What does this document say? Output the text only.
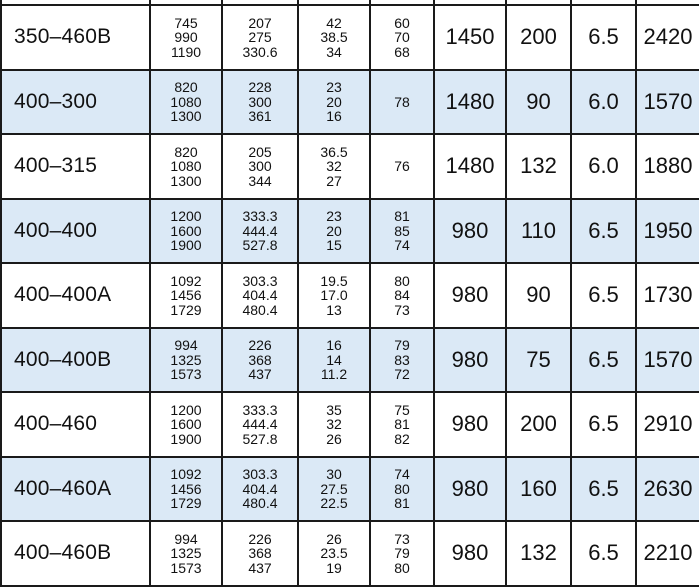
350–460B	745
990
1190	207
275
330.6	42
38.5
34	60
70
68	1450	200	6.5	2420
400–300	820
1080
1300	228
300
361	23
20
16	78	1480	90	6.0	1570
400–315	820
1080
1300	205
300
344	36.5
32
27	76	1480	132	6.0	1880
400–400	1200
1600
1900	333.3
444.4
527.8	23
20
15	81
85
74	980	110	6.5	1950
400–400A	1092
1456
1729	303.3
404.4
480.4	19.5
17.0
13	80
84
73	980	90	6.5	1730
400–400B	994
1325
1573	226
368
437	16
14
11.2	79
83
72	980	75	6.5	1570
400–460	1200
1600
1900	333.3
444.4
527.8	35
32
26	75
81
82	980	200	6.5	2910
400–460A	1092
1456
1729	303.3
404.4
480.4	30
27.5
22.5	74
80
81	980	160	6.5	2630
400–460B	994
1325
1573	226
368
437	26
23.5
19	73
79
80	980	132	6.5	2210
